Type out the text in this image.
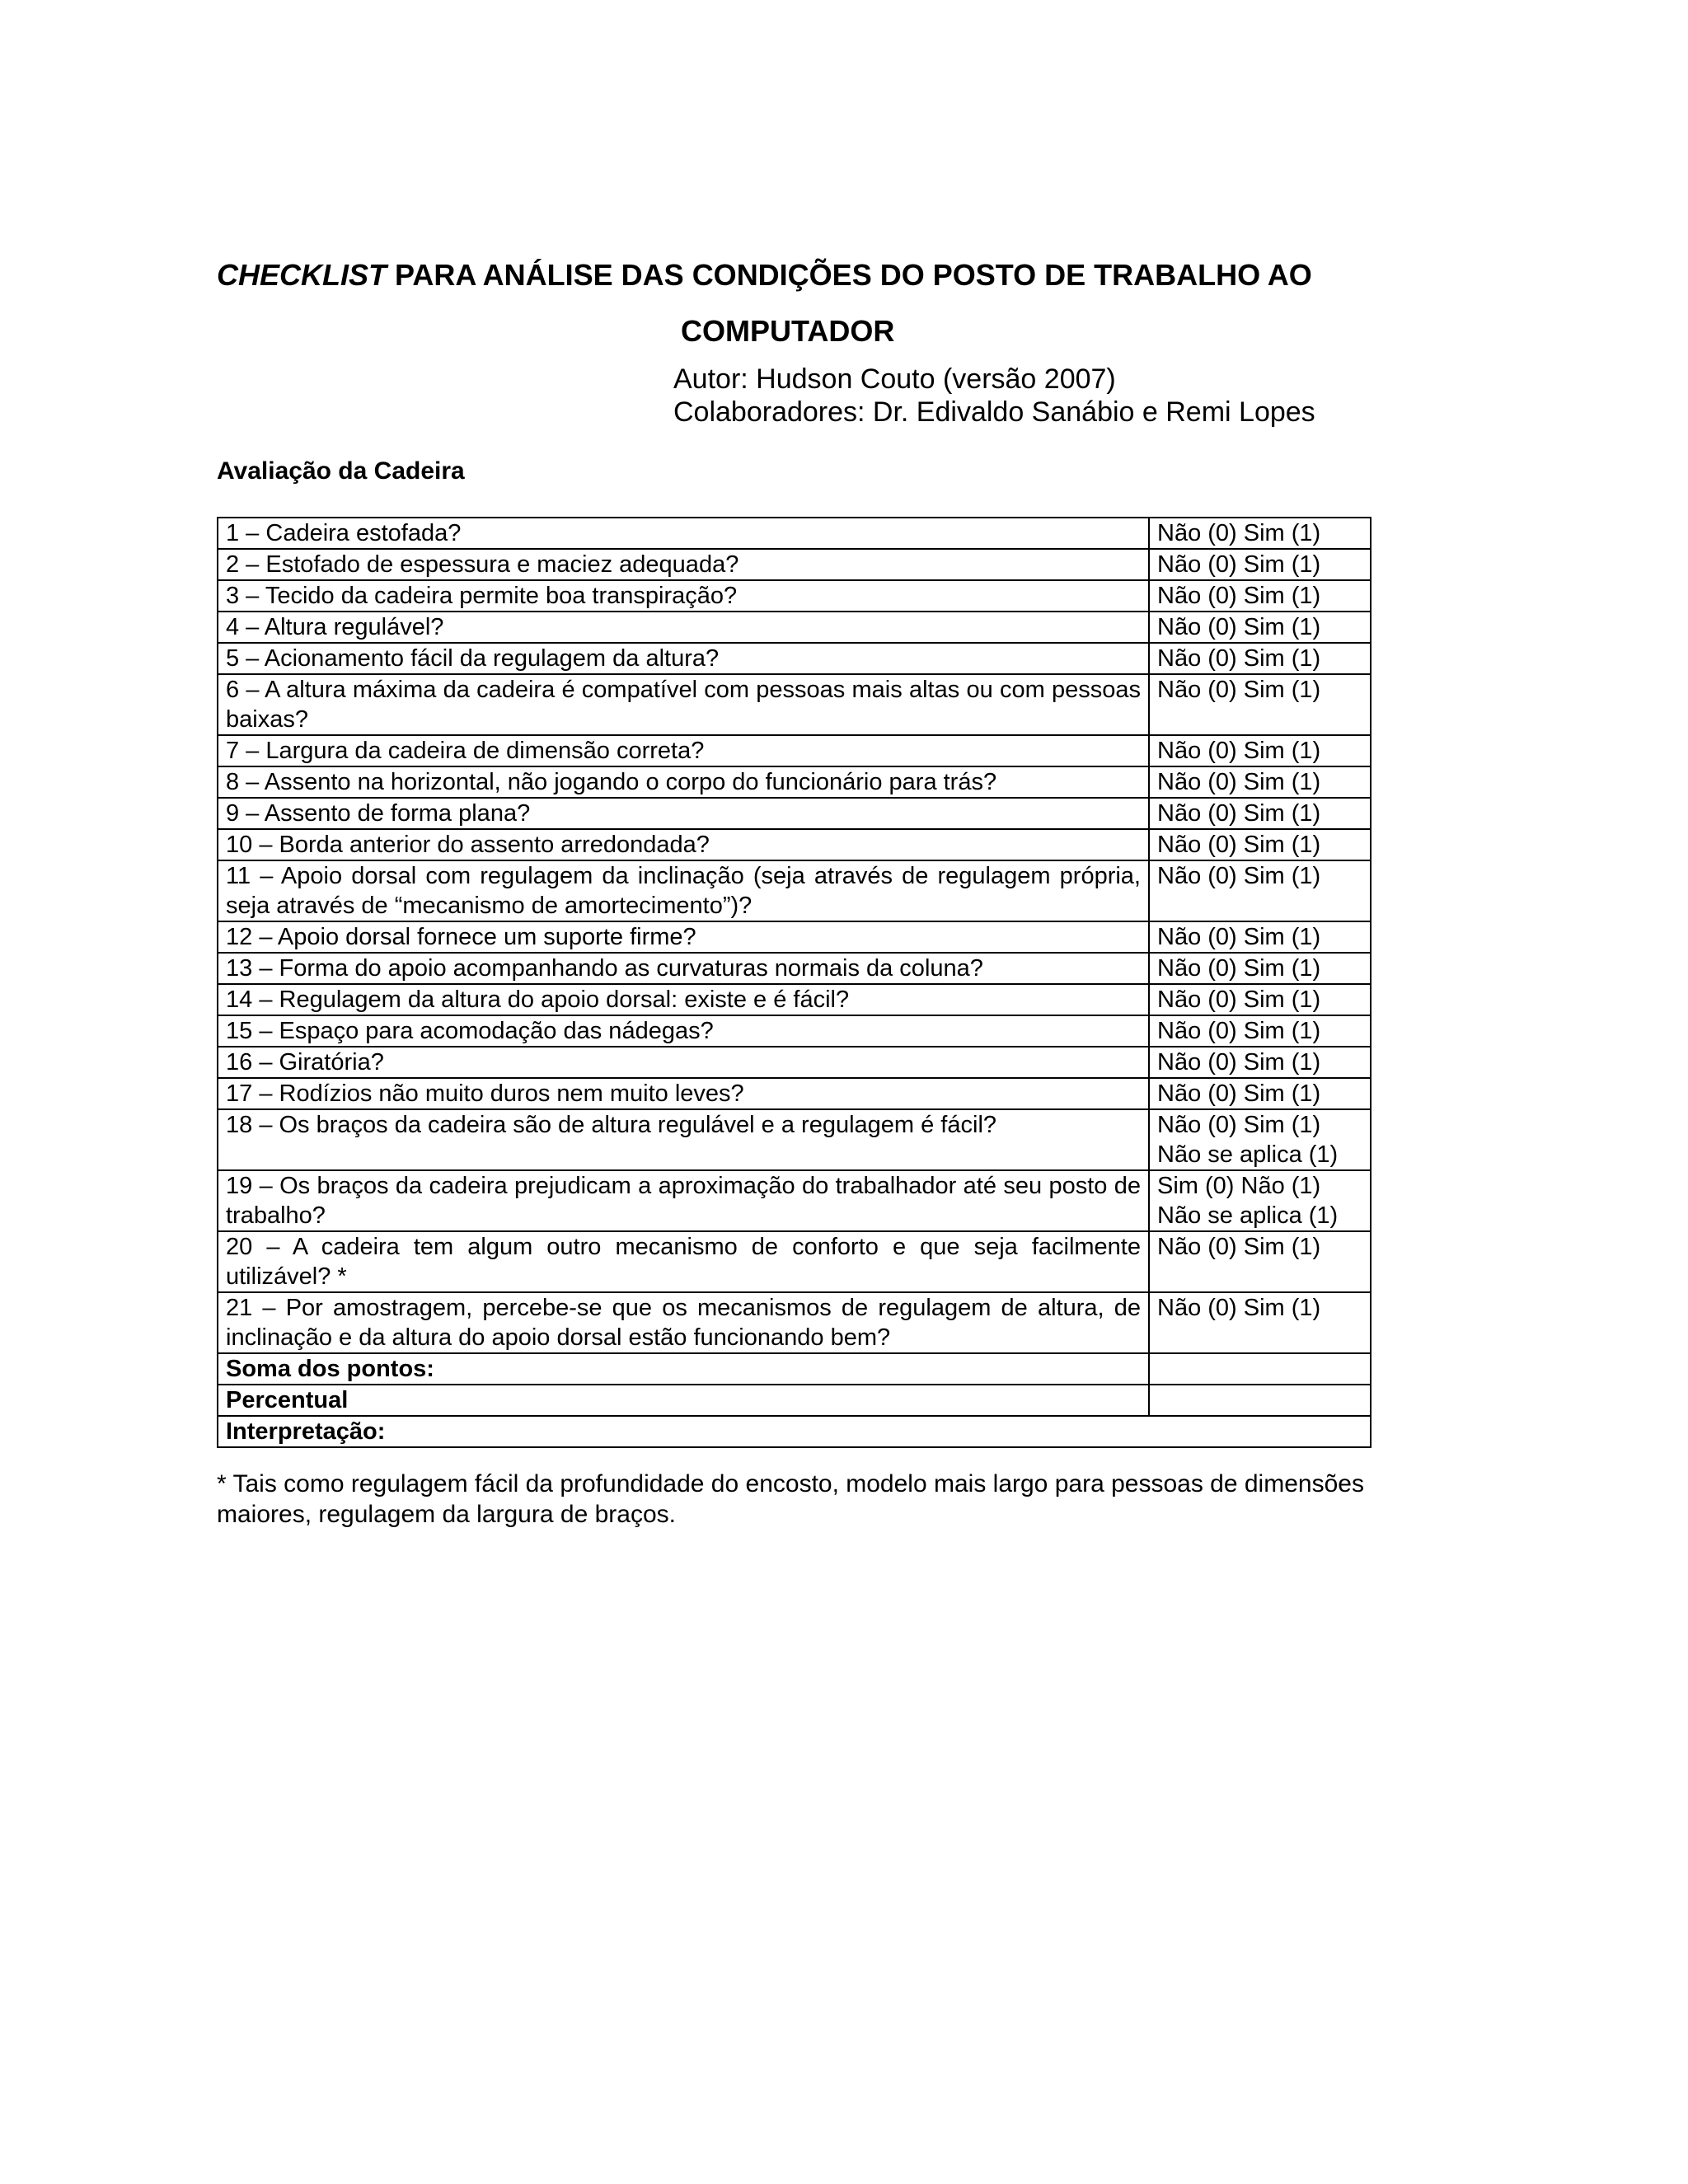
CHECKLIST PARA ANÁLISE DAS CONDIÇÕES DO POSTO DE TRABALHO AO
COMPUTADOR
Autor: Hudson Couto (versão 2007)
Colaboradores: Dr. Edivaldo Sanábio e Remi Lopes
Avaliação da Cadeira
1 – Cadeira estofada?	Não (0) Sim (1)

2 – Estofado de espessura e maciez adequada?	Não (0) Sim (1)

3 – Tecido da cadeira permite boa transpiração?	Não (0) Sim (1)

4 – Altura regulável?	Não (0) Sim (1)

5 – Acionamento fácil da regulagem da altura?	Não (0) Sim (1)

6 – A altura máxima da cadeira é compatível com pessoas mais altas ou com pessoas baixas?	Não (0) Sim (1)

7 – Largura da cadeira de dimensão correta?	Não (0) Sim (1)

8 – Assento na horizontal, não jogando o corpo do funcionário para trás?	Não (0) Sim (1)

9 – Assento de forma plana?	Não (0) Sim (1)

10 – Borda anterior do assento arredondada?	Não (0) Sim (1)

11 – Apoio dorsal com regulagem da inclinação (seja através de regulagem própria, seja através de “mecanismo de amortecimento”)?	Não (0) Sim (1)

12 – Apoio dorsal fornece um suporte firme?	Não (0) Sim (1)

13 – Forma do apoio acompanhando as curvaturas normais da coluna?	Não (0) Sim (1)

14 – Regulagem da altura do apoio dorsal: existe e é fácil?	Não (0) Sim (1)

15 – Espaço para acomodação das nádegas?	Não (0) Sim (1)

16 – Giratória?	Não (0) Sim (1)

17 – Rodízios não muito duros nem muito leves?	Não (0) Sim (1)

18 – Os braços da cadeira são de altura regulável e a regulagem é fácil?	Não (0) Sim (1)
Não se aplica (1)

19 – Os braços da cadeira prejudicam a aproximação do trabalhador até seu posto de trabalho?	Sim (0) Não (1)
Não se aplica (1)

20 – A cadeira tem algum outro mecanismo de conforto e que seja facilmente utilizável? *	Não (0) Sim (1)

21 – Por amostragem, percebe-se que os mecanismos de regulagem de altura, de inclinação e da altura do apoio dorsal estão funcionando bem?	Não (0) Sim (1)

Soma dos pontos:	
Percentual	
Interpretação:	
* Tais como regulagem fácil da profundidade do encosto, modelo mais largo para pessoas de dimensões maiores, regulagem da largura de braços.
